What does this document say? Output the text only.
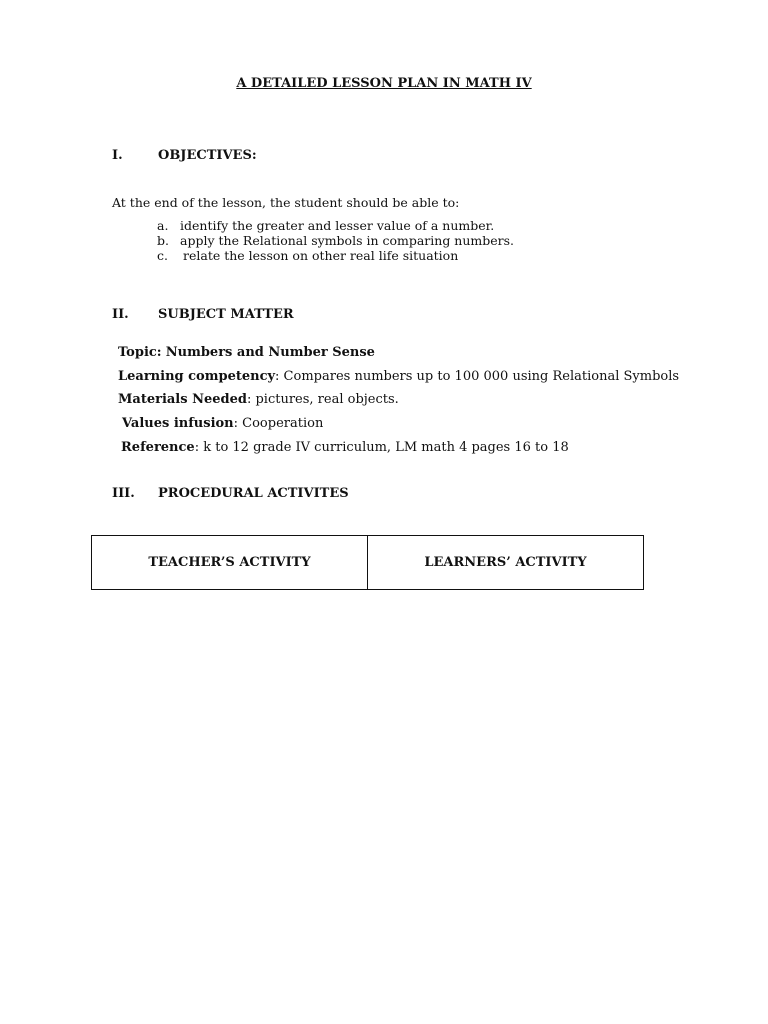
A DETAILED LESSON PLAN IN MATH IV
I.	OBJECTIVES:
At the end of the lesson, the student should be able to:
a. identify the greater and lesser value of a number.
b. apply the Relational symbols in comparing numbers.
c. relate the lesson on other real life situation
II. SUBJECT MATTER
Topic: Numbers and Number Sense
Learning competency: Compares numbers up to 100 000 using Relational Symbols
Materials Needed: pictures, real objects.
Values infusion: Cooperation
Reference: k to 12 grade IV curriculum, LM math 4 pages 16 to 18
III. PROCEDURAL ACTIVITES
TEACHER’S ACTIVITY	LEARNERS’ ACTIVITY
